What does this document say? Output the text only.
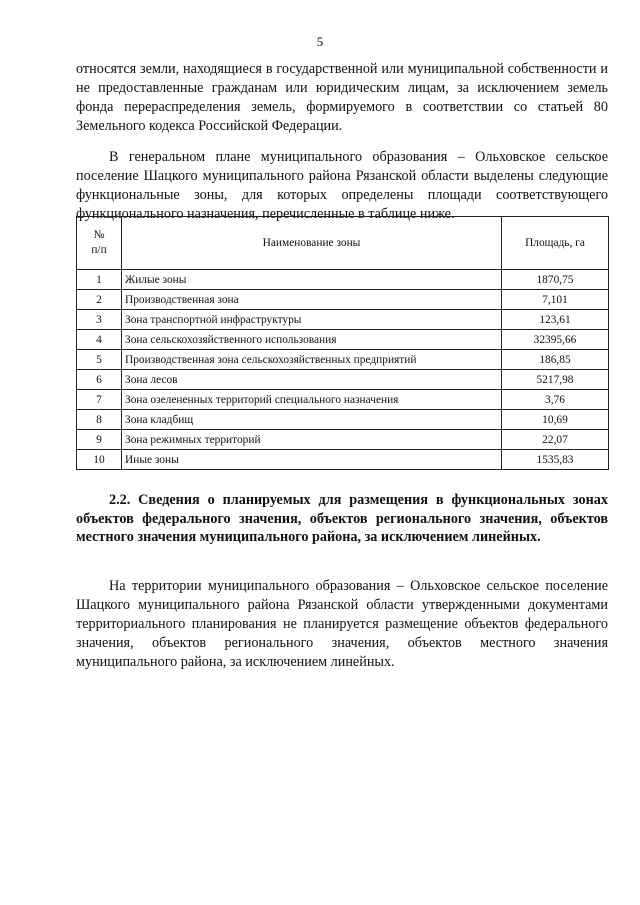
5

относятся земли, находящиеся в государственной или муниципальной собственности и не предоставленные гражданам или юридическим лицам, за исключением земель фонда перераспределения земель, формируемого в соответствии со статьей 80 Земельного кодекса Российской Федерации.

В генеральном плане муниципального образования – Ольховское сельское поселение Шацкого муниципального района Рязанской области выделены следующие функциональные зоны, для которых определены площади соответствующего функционального назначения, перечисленные в таблице ниже.

№
п/п	Наименование зоны	Площадь, га
1	Жилые зоны	1870,75
2	Производственная зона	7,101
3	Зона транспортной инфраструктуры	123,61
4	Зона сельскохозяйственного использования	32395,66
5	Производственная зона сельскохозяйственных предприятий	186,85
6	Зона лесов	5217,98
7	Зона озелененных территорий специального назначения	3,76
8	Зона кладбищ	10,69
9	Зона режимных территорий	22,07
10	Иные зоны	1535,83

2.2. Сведения о планируемых для размещения в функциональных зонах объектов федерального значения, объектов регионального значения, объектов местного значения муниципального района, за исключением линейных.

На территории муниципального образования – Ольховское сельское поселение Шацкого муниципального района Рязанской области утвержденными документами территориального планирования не планируется размещение объектов федерального значения, объектов регионального значения, объектов местного значения муниципального района, за исключением линейных.
